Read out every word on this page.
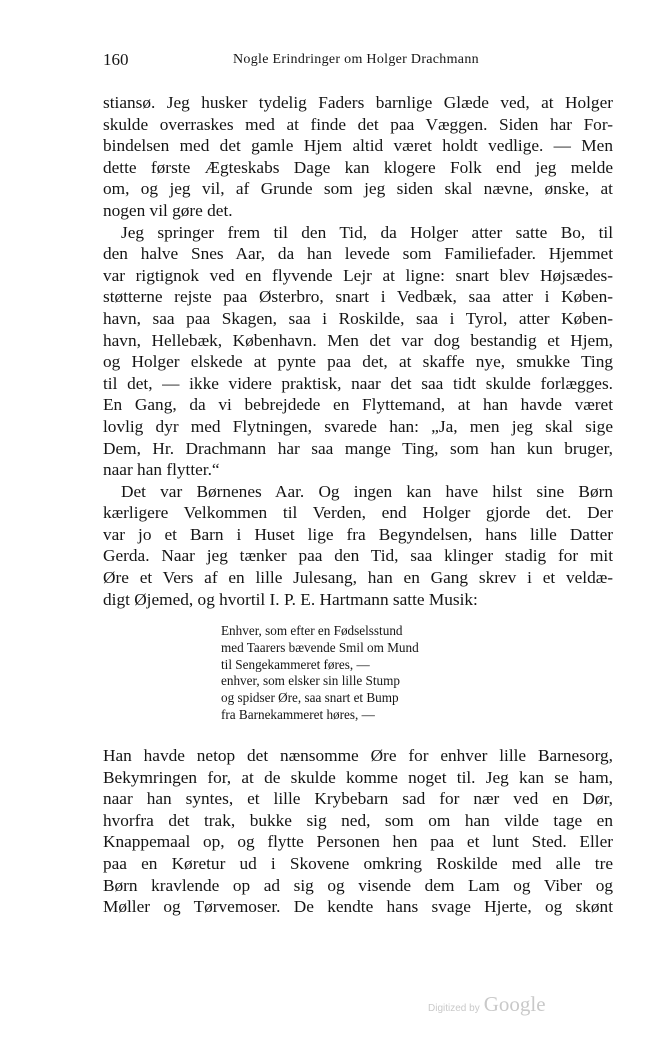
160	Nogle Erindringer om Holger Drachmann
stiansø. Jeg husker tydelig Faders barnlige Glæde ved, at Holger
skulde overraskes med at finde det paa Væggen. Siden har For-
bindelsen med det gamle Hjem altid været holdt vedlige. — Men
dette første Ægteskabs Dage kan klogere Folk end jeg melde
om, og jeg vil, af Grunde som jeg siden skal nævne, ønske, at
nogen vil gøre det.
Jeg springer frem til den Tid, da Holger atter satte Bo, til
den halve Snes Aar, da han levede som Familiefader. Hjemmet
var rigtignok ved en flyvende Lejr at ligne: snart blev Højsædes-
støtterne rejste paa Østerbro, snart i Vedbæk, saa atter i Køben-
havn, saa paa Skagen, saa i Roskilde, saa i Tyrol, atter Køben-
havn, Hellebæk, København. Men det var dog bestandig et Hjem,
og Holger elskede at pynte paa det, at skaffe nye, smukke Ting
til det, — ikke videre praktisk, naar det saa tidt skulde forlægges.
En Gang, da vi bebrejdede en Flyttemand, at han havde været
lovlig dyr med Flytningen, svarede han: „Ja, men jeg skal sige
Dem, Hr. Drachmann har saa mange Ting, som han kun bruger,
naar han flytter.“
Det var Børnenes Aar. Og ingen kan have hilst sine Børn
kærligere Velkommen til Verden, end Holger gjorde det. Der
var jo et Barn i Huset lige fra Begyndelsen, hans lille Datter
Gerda. Naar jeg tænker paa den Tid, saa klinger stadig for mit
Øre et Vers af en lille Julesang, han en Gang skrev i et veldæ-
digt Øjemed, og hvortil I. P. E. Hartmann satte Musik:
Enhver, som efter en Fødselsstund
med Taarers bævende Smil om Mund
til Sengekammeret føres, —
enhver, som elsker sin lille Stump
og spidser Øre, saa snart et Bump
fra Barnekammeret høres, —
Han havde netop det nænsomme Øre for enhver lille Barnesorg,
Bekymringen for, at de skulde komme noget til. Jeg kan se ham,
naar han syntes, et lille Krybebarn sad for nær ved en Dør,
hvorfra det trak, bukke sig ned, som om han vilde tage en
Knappemaal op, og flytte Personen hen paa et lunt Sted. Eller
paa en Køretur ud i Skovene omkring Roskilde med alle tre
Børn kravlende op ad sig og visende dem Lam og Viber og
Møller og Tørvemoser. De kendte hans svage Hjerte, og skønt
Digitized by Google
